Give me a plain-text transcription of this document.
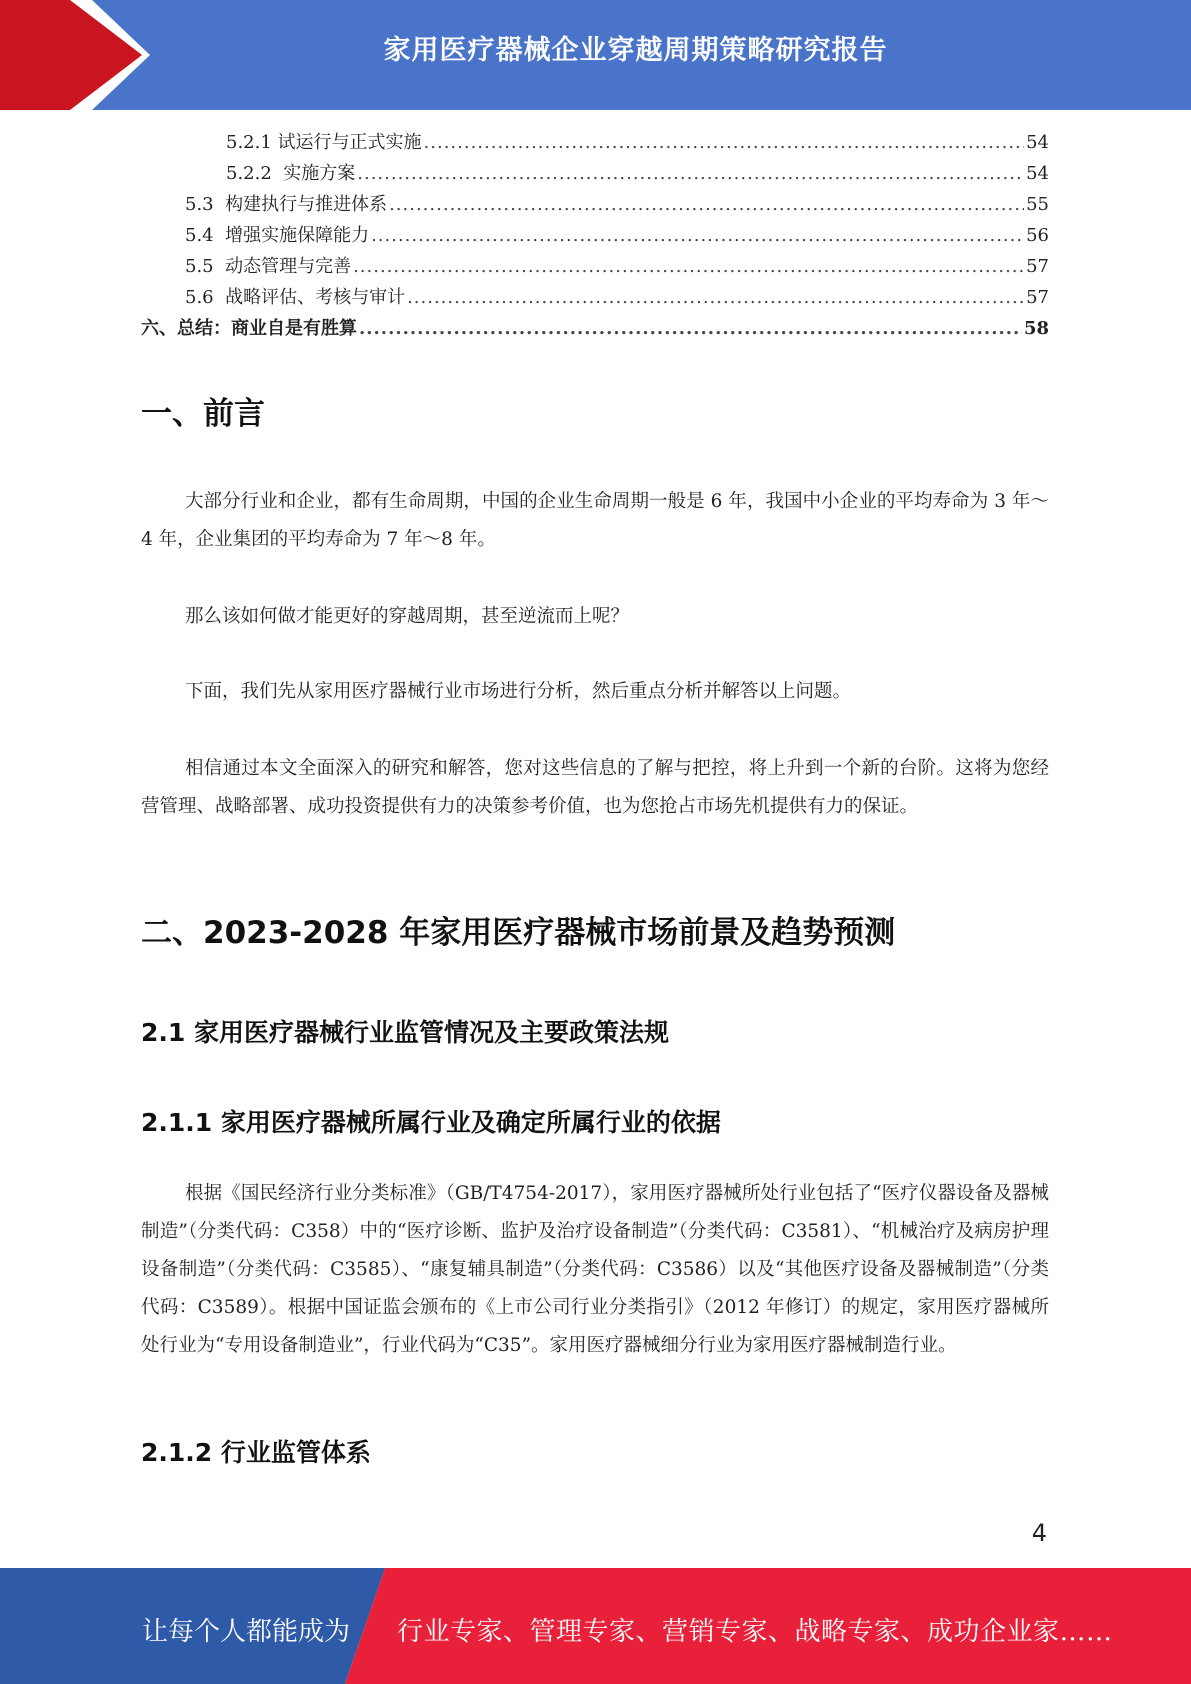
家用医疗器械企业穿越周期策略研究报告
5.2.1 试运行与正式实施 .....	54
5.2.2  实施方案 .....	54
5.3  构建执行与推进体系 .....	55
5.4  增强实施保障能力 .....	56
5.5  动态管理与完善 .....	57
5.6  战略评估、考核与审计 .....	57
六、总结：商业自是有胜算 .....	58
一、前言
大部分行业和企业，都有生命周期，中国的企业生命周期一般是 6 年，我国中小企业的平均寿命为 3 年～4 年，企业集团的平均寿命为 7 年～8 年。
那么该如何做才能更好的穿越周期，甚至逆流而上呢？
下面，我们先从家用医疗器械行业市场进行分析，然后重点分析并解答以上问题。
相信通过本文全面深入的研究和解答，您对这些信息的了解与把控，将上升到一个新的台阶。这将为您经营管理、战略部署、成功投资提供有力的决策参考价值，也为您抢占市场先机提供有力的保证。
二、2023-2028 年家用医疗器械市场前景及趋势预测
2.1 家用医疗器械行业监管情况及主要政策法规
2.1.1 家用医疗器械所属行业及确定所属行业的依据
根据《国民经济行业分类标准》（GB/T4754-2017），家用医疗器械所处行业包括了“医疗仪器设备及器械制造”（分类代码：C358）中的“医疗诊断、监护及治疗设备制造”（分类代码：C3581）、“机械治疗及病房护理设备制造”（分类代码：C3585）、“康复辅具制造”（分类代码：C3586）以及“其他医疗设备及器械制造”（分类代码：C3589）。根据中国证监会颁布的《上市公司行业分类指引》（2012 年修订）的规定，家用医疗器械所处行业为“专用设备制造业”，行业代码为“C35”。家用医疗器械细分行业为家用医疗器械制造行业。
2.1.2 行业监管体系
4
让每个人都能成为 行业专家、管理专家、营销专家、战略专家、成功企业家……
